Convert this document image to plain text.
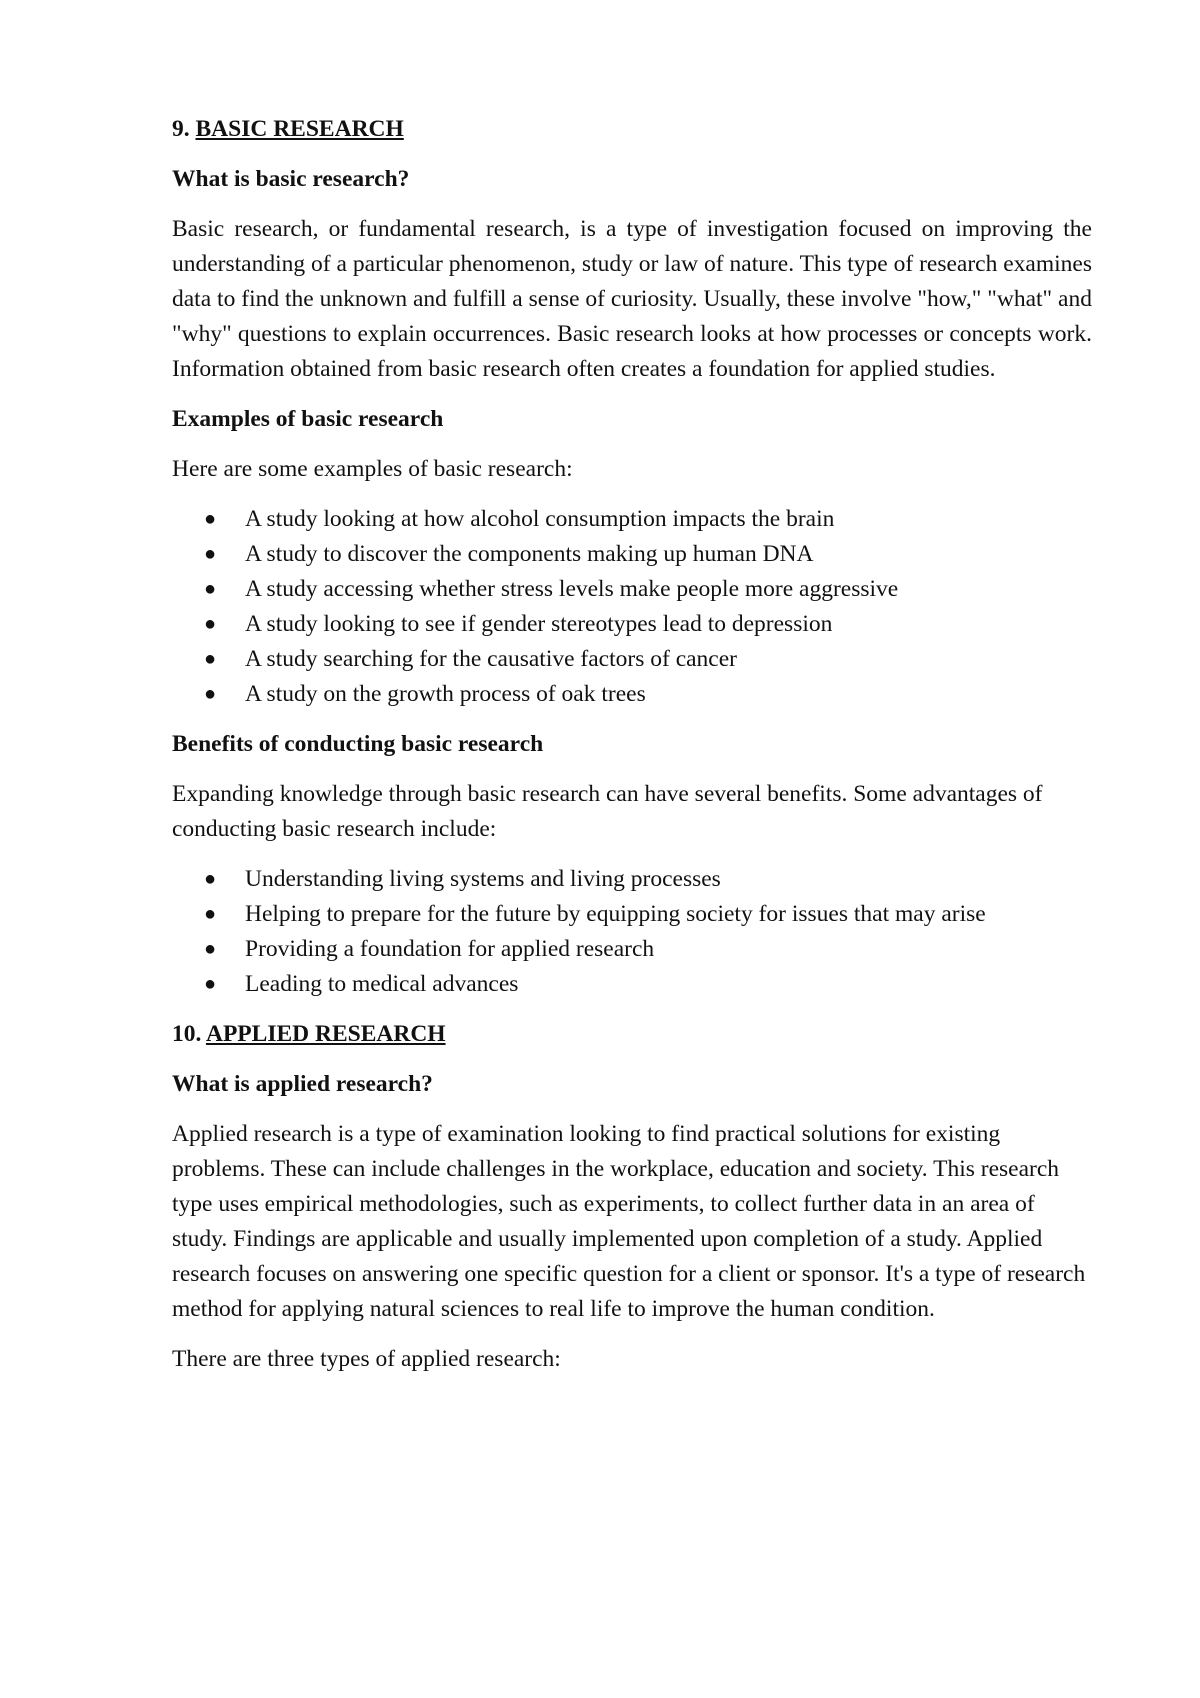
9. BASIC RESEARCH

What is basic research?

Basic research, or fundamental research, is a type of investigation focused on improving the understanding of a particular phenomenon, study or law of nature. This type of research examines data to find the unknown and fulfill a sense of curiosity. Usually, these involve "how," "what" and "why" questions to explain occurrences. Basic research looks at how processes or concepts work. Information obtained from basic research often creates a foundation for applied studies.

Examples of basic research

Here are some examples of basic research:

● A study looking at how alcohol consumption impacts the brain
● A study to discover the components making up human DNA
● A study accessing whether stress levels make people more aggressive
● A study looking to see if gender stereotypes lead to depression
● A study searching for the causative factors of cancer
● A study on the growth process of oak trees

Benefits of conducting basic research

Expanding knowledge through basic research can have several benefits. Some advantages of conducting basic research include:

● Understanding living systems and living processes
● Helping to prepare for the future by equipping society for issues that may arise
● Providing a foundation for applied research
● Leading to medical advances

10. APPLIED RESEARCH

What is applied research?

Applied research is a type of examination looking to find practical solutions for existing problems. These can include challenges in the workplace, education and society. This research type uses empirical methodologies, such as experiments, to collect further data in an area of study. Findings are applicable and usually implemented upon completion of a study. Applied research focuses on answering one specific question for a client or sponsor. It's a type of research method for applying natural sciences to real life to improve the human condition.

There are three types of applied research:
